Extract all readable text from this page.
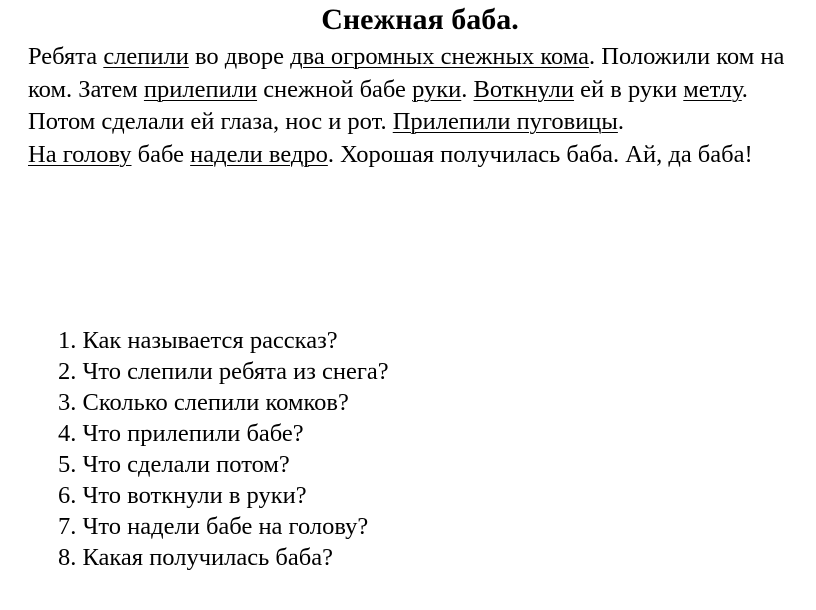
Снежная баба.

Ребята слепили во дворе два огромных снежных кома. Положили ком на ком. Затем прилепили снежной бабе руки. Воткнули ей в руки метлу. Потом сделали ей глаза, нос и рот. Прилепили пуговицы.

На голову бабе надели ведро. Хорошая получилась баба. Ай, да баба!

1. Как называется рассказ?
2. Что слепили ребята из снега?
3. Сколько слепили комков?
4. Что прилепили бабе?
5. Что сделали потом?
6. Что воткнули в руки?
7. Что надели бабе на голову?
8. Какая получилась баба?
